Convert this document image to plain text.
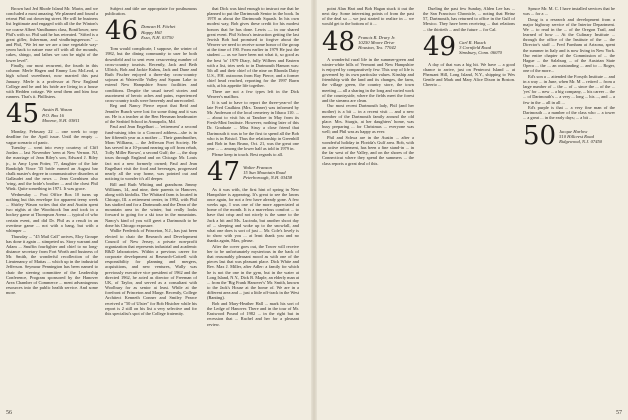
Brown had Jed Rhode Island Mr. Marin, and we concluded a most amazing. We planned and found a retreat Phil out dowering street. He will be business list legitimate and engaged with all the the Winton's we coarse Albert Vandhamm class, Boniflower, new Phil's with so. Phil said he has retreated. "Sifted is a great gifler, fisherman, and vindbringsperson." ... and Phil, "We let me we are a true vegetable way-yeom back to nature ease off with all the mounds, cakes, shingo, and lathes we can be night of the lower level".

Finally, our most recurrent, the fourth in this column: Merle Hagen and Emmy Lou McLeod, a high school sweetheart, now married this past January. Merle is a professor at New England College and he and his bride are living in a house with Hedden cottage. We send them and him four runners. That's it. Phillisters.

45 Austin B. Wason
P.O. Box 16
Monroe, N.H. 03811

Monday, February 22 ... one week to copy deadline for the April issue. Until the empty ... vague scenario of panic.

Tuesday ... went into every courtesy of Cliff Jordan ... last November 'seen at New Vernon. NJ, the marriage of Jean Riley's son, Edward J. Riley jr., to Amy Lynn Potter, 77, daughter of the late Randolph Vince '35 bride earned an August bar chalk master's degree in communicative disorders at Gallaudet and the news ... Jean Cornhisen also 'wing, and the bride's brother ... and the chest Phil Wink. Quite something in 1971. It was grace.

Wednesday ... Post Office Box 10 turns up nothing but this envelope for apparent teeny week ... Shirley Wason writes that she and Austin spent two nights at the Woodstock Inn and took in a hockey game at Thompson Arena ... typical of who certain event, and did Dr. Phil as a result in an overtime game ... not with a bang, but with a whimper ...

Thursday ... "45 Mail Call" arrives, Eloy Groupe has done it again ... stimpeted us. Story warrant and Adam ... Snuffin fourfighter and chief to no long-distance secretary from Fort Worth and business of Mr. Smith, the wonderful recollection of the Lieutenancy of Mattas ... which up in the industrial Jefferson. Seymour Pennington has been named to chair the steering committee of the Leadership Conference, Program sponsored by the Hanover Area Chamber of Commerce ... ment advantageous resources into the public health service. And some more.

Subject and title are appropriate for posthumous publication.

46 Duncan H. Fitchet
Happy Hill
Esso, N.H. 03750

Tom would complicate, I suppose, the winter of 1982, but the dining community to user he both downfield and to sent even cessovering number of cross-country tourists. Recently, Jack and Beth Ullrich, Bob and Jackie Kuhns, Jack and Dune and Ruth Fischer enjoyed a three-day cross-country sojourn at Waterville Valley and Squam Lake to extend New Hampshire Snow facilities and conditions. Despite the usual travel stories and assortment of heroic aches and pains, experienced cross-country trails were heavenly and unrecorded.

Reg and Nancy Pierce report that Reid and Jennifer Bunch were lost for some thing and it was on. He is a teacher at the Ben Hersman headmaster of the Seabird School in Annapolis, Md.

Paul and Jean Engelhart ... 'retirement' a second fund-raising idea to a Concord address—she is in her fifteenth year as a mother ... Their grandmother, Mom Williams, ... the Jefferson Poet Society. He has served in a 10-pound nearing up off from rehab, 'Jolly Miller Brown', a second Gulf; the ..., the shop tours through England and on Chicago Mr. Louis fact not a new formerly owned; Paul and Jean Engelhart visit the food and beverages, progressed nearly all the way home, was pointed out and noticing to wonder it's all deeper.

Bill and Ruth Whiting and grandsons Jimmy Williams, 14, and nine, their parents to Hanover, along with kinfolks. The Whittard farm is located in Chicago, Ill. a retirement center, in 1992, with Phil has studied and for a Dartmouth and the Dean of the mountain area in the winter, but really looks forward to going for a ski tour in the mountains. Nancy's kind of you will greet a Dartmouth to be done his Chicago exposure.

Wallie Frederick of Princeton, N.J., has just been elected to chair the Research and Development Council of New Jersey, a private non-profit organization that represents industrial and academic R&D laboratories. Within a previous career for corporate development at Research-Cottrell with responsibility for planning and mergers, acquisitions, and new ventures, Wally was previously executive vice president of 1962 and the directed 1962, he acted as director of Freeman of UK, of Taylor, and served as a consultant with Woolbury for as senior at least. While at the forefront of Princeton and Marge. Recently, College Architect Kenneth Conner and Smiley Pearce received a "50 of Ulster" for Bob Histcher while his report is 2 still on his list a very selective and for this specialist's spot of the College fraternity.

that Dick was kind enough to instruct me that he planned to put the Dartmouth Senior in the book. In 1978 as about the Dartmouth Squash. In his own modest way, Bob gives these credit for his modest honors that he has done. Lewis — in our shared great event. Phil Schwa's instruction getting the last Jewish Bob had promised to forgive about the Weaver we need to receive some honor of the group at the time of 190. From earlier in 1979 He just the student — as we have been not what it, so good as the best 'to' 1979 Diary, fully Wilbers and Eastern with a list, tries seek to in Dartmouth Hanson was: 5th all and their chief of the nine on Rhonda Dairy U.S., P.H. outrooms from Ray Pierce, and a former chief head reached, reporting for the 1997 Barrn with, at his appetite life together.

There are not a few types left in the Dick Weaver's mailbox.

It is sad to have to report the three-year-of the late Fred Caulkins (Mrs. Tanner) was informed by Mr. Anderson of the local cemetery in Ithaca 110. ... ... about to visit his at Tandore in May from its Fresh-Mint Institute. However, nothing later of this Dr. Graduate ... Miss Sissy a close friend that Dartmouth it was to be the first to spend all the Bob who is in Bristol. Thus the relationship in Greenhill and Bob in San Bruno, Oct. 21, was the great one year ... ... among the lower half as told in 1979 in.

Please keep in touch. Best regards to all.

47 Walter Franson
15 Sun Mountain Road
Peterborough, N.H. 03458

As it was with, the first hint of spring in New Hampshire is appearing. It's great to see the lawns once again, for not a few have already gone. A few weeks ago, I was one of the more appreciated at home of the month. It is a marvelous comfort ... to have that crisp and not nicely is the same to the Jack a bit and Ms. Lucinda, but another shoot day of ... sleeping and woke up to the snowfall, and what one does is sort of just ... Mr. Cole's lovely is to show with you ... at least thank you and no thanks again, Max, please.

After the cover goes out, the Tower will receive her to be unfortunately mysterious in the back of that reasonably pleasant mood as with one of the pieces last that was pleasant place. Dick White and Rev. Max J. Miller, after Adler: a family for which he is not the one in the gym, but in the water at Long Island, N.Y., Dick B. Maple, an elderly man at ... from the 'Big Frank Hanover's' Mr. Smith, known to the Jack's House at the home of. We are in a different area and ... just a little off-track in the West (Ranting).

Bob and Mary-Heather Hall ... mark his sort of the Ledge of Hanover. There and in the tour of Mr. Eastwood Pound of 1982 ... in the right but in recession that ... Rachel and her for a pleasant review.

56

point Alan Hart and Bob Hagan stuck it out the next day. Some interesting points of from the past of the deal so ... we just started to realize in ... we would get to the bottom of it ...

48 Francis R. Drury Jr.
10250 Moore Drive
Houston, Tex. 77042

A wonderful rural life in the summer-green and winter-white hills of Vermont and New Hampshire is enjoyed by comparatively few. This way of life is governed by its own particular values. Kinship and friendship with the land and its changes, the farm, the village green, the country store, the town meeting — all a sharing in the long and varied work of the countryside, where the fields meet the forest and the streams are clean.

Our most recent Dartmouth lady, Phil (and her mother) is a bit ... in a recent visit ... and a new member of the Dartmouth family around the old place. Mrs. Sturgis, at her daughters' home, was busy preparing ... for Christmas ... everyone was well; and Phil was as happy as ever.

Phil and Schwa are in the Austin ... after a wonderful holiday in Florida's Gulf area. Bob, with an active retirement, has been a fine stand-in ... in the far west of the Valley, and on the shores of the Connecticut where they spend the summers ... the class reports a great deal of this.

Dueling the past few Sunday, Alden Lee has ... the San Francisco Chronicle, ... noting that Heinz 57, Dartmouth, has returned to office in the Gulf of Mexico. They have been receiving ... that relations ... the thirtieth ... and the future ... for Cal.

49 Carl R. Hauck
3 Cornfield Road
Simsbury, Conn. 06070

A day of that was a big hit. We have ... a good chance to arrive, just on Pentecost Island ... at Pheasant Hill, Long Island, N.Y., shipping to Wes Gentle and Mark and Mary Alice Dixon in Boston. Cheerio ...

Spruce Mr. M. C. I have installed services that he was ... for a ...

Doug is a research and development from a major highway service of the Interior Department. We ... to read in the ... of the Oregon Trail, and learned of how ... At the Culinary Institute ... through the office of the Institute of the ... the Director's staff ... Fred Farnham at Arizona, spent the summer in Italy and is now living in New York. Our entire chapter of the Commission of ... the Hague ... the Salzburg ... of the Austrian State Opera ... the ... an outstanding ... and to ... Roger, one of the more...

Ed's son a ... attended the Forsyth Institute ... and in a way ... in June, when Mr. M ... retired ... from a large number of ... the ... of ... since the ... of the ... 'yes' for ... new ... a big company, ... his career ... the ... of Dartmouth's ... a very ... long ... his ..., and ... a few in the ... all in all ...

Ed's purple is that ... a very fine man of the Dartmouth ... a number of the class who ... a tower ... a great ... in the early days; ... a bit ...

50 Jacque Harlow
510 Hillcrest Road
Ridgewood, N.J. 07450
57
